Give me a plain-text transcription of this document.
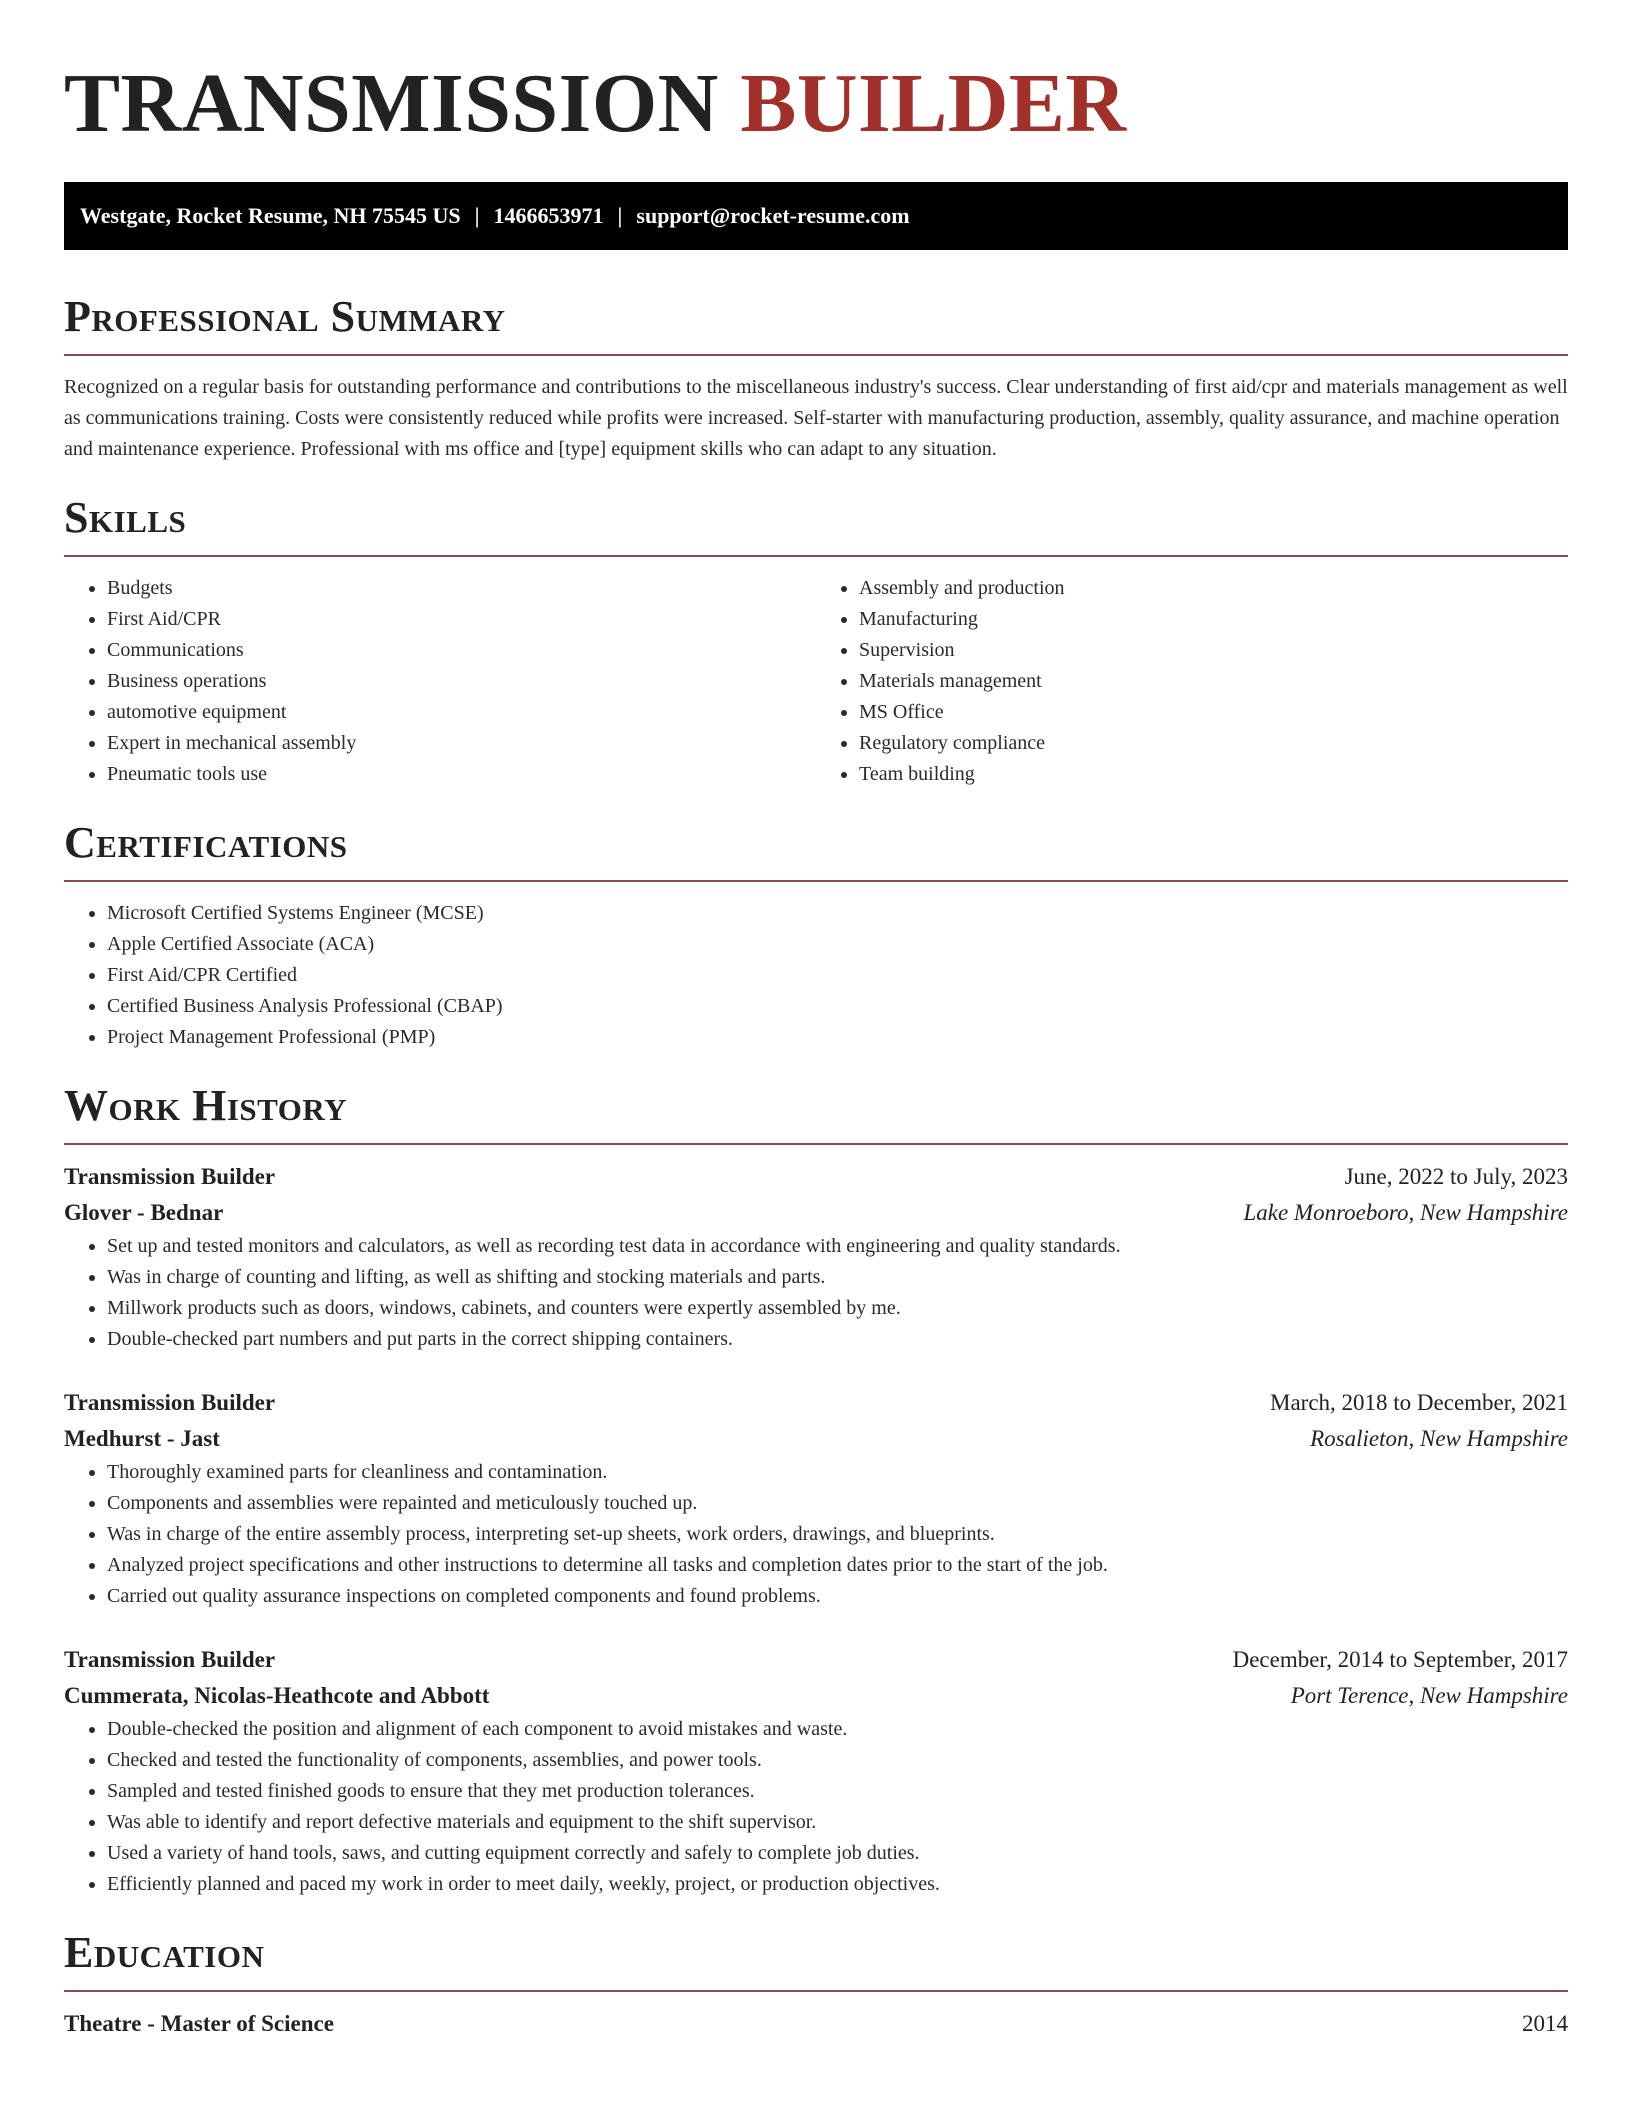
TRANSMISSION BUILDER
Westgate, Rocket Resume, NH 75545 US | 1466653971 | support@rocket-resume.com
Professional Summary

Recognized on a regular basis for outstanding performance and contributions to the miscellaneous industry's success. Clear understanding of first aid/cpr and materials management as well as communications training. Costs were consistently reduced while profits were increased. Self-starter with manufacturing production, assembly, quality assurance, and machine operation and maintenance experience. Professional with ms office and [type] equipment skills who can adapt to any situation.

Skills
• Budgets
• First Aid/CPR
• Communications
• Business operations
• automotive equipment
• Expert in mechanical assembly
• Pneumatic tools use
• Assembly and production
• Manufacturing
• Supervision
• Materials management
• MS Office
• Regulatory compliance
• Team building
Certifications
• Microsoft Certified Systems Engineer (MCSE)
• Apple Certified Associate (ACA)
• First Aid/CPR Certified
• Certified Business Analysis Professional (CBAP)
• Project Management Professional (PMP)
Work History
Transmission Builder	June, 2022 to July, 2023
Glover - Bednar	Lake Monroeboro, New Hampshire
• Set up and tested monitors and calculators, as well as recording test data in accordance with engineering and quality standards.
• Was in charge of counting and lifting, as well as shifting and stocking materials and parts.
• Millwork products such as doors, windows, cabinets, and counters were expertly assembled by me.
• Double-checked part numbers and put parts in the correct shipping containers.
Transmission Builder	March, 2018 to December, 2021
Medhurst - Jast	Rosalieton, New Hampshire
• Thoroughly examined parts for cleanliness and contamination.
• Components and assemblies were repainted and meticulously touched up.
• Was in charge of the entire assembly process, interpreting set-up sheets, work orders, drawings, and blueprints.
• Analyzed project specifications and other instructions to determine all tasks and completion dates prior to the start of the job.
• Carried out quality assurance inspections on completed components and found problems.
Transmission Builder	December, 2014 to September, 2017
Cummerata, Nicolas-Heathcote and Abbott	Port Terence, New Hampshire
• Double-checked the position and alignment of each component to avoid mistakes and waste.
• Checked and tested the functionality of components, assemblies, and power tools.
• Sampled and tested finished goods to ensure that they met production tolerances.
• Was able to identify and report defective materials and equipment to the shift supervisor.
• Used a variety of hand tools, saws, and cutting equipment correctly and safely to complete job duties.
• Efficiently planned and paced my work in order to meet daily, weekly, project, or production objectives.
Education
Theatre - Master of Science	2014
